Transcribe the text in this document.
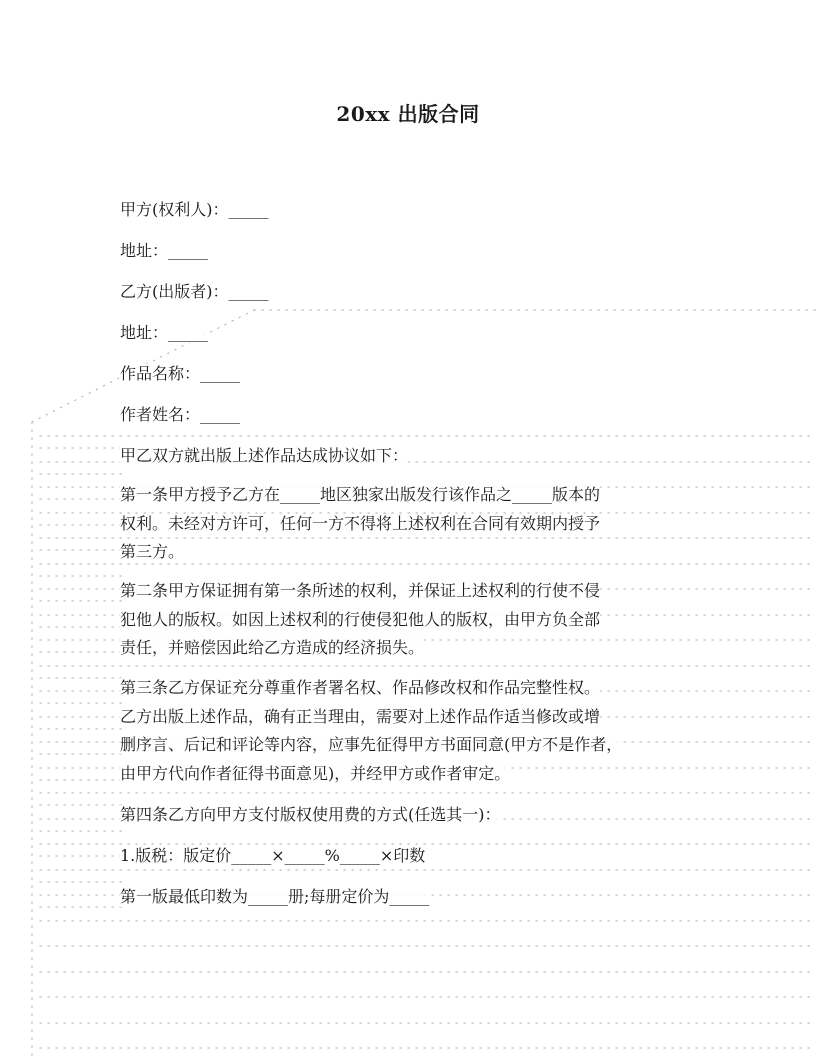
20xx 出版合同
甲方(权利人)：_____
地址：_____
乙方(出版者)：_____
地址：_____
作品名称：_____
作者姓名：_____
甲乙双方就出版上述作品达成协议如下：
第一条甲方授予乙方在_____地区独家出版发行该作品之_____版本的
权利。未经对方许可，任何一方不得将上述权利在合同有效期内授予
第三方。
第二条甲方保证拥有第一条所述的权利，并保证上述权利的行使不侵
犯他人的版权。如因上述权利的行使侵犯他人的版权，由甲方负全部
责任，并赔偿因此给乙方造成的经济损失。
第三条乙方保证充分尊重作者署名权、作品修改权和作品完整性权。
乙方出版上述作品，确有正当理由，需要对上述作品作适当修改或增
删序言、后记和评论等内容，应事先征得甲方书面同意(甲方不是作者，
由甲方代向作者征得书面意见)，并经甲方或作者审定。
第四条乙方向甲方支付版权使用费的方式(任选其一)：
1.版税：版定价_____×_____%_____×印数
第一版最低印数为_____册;每册定价为_____
